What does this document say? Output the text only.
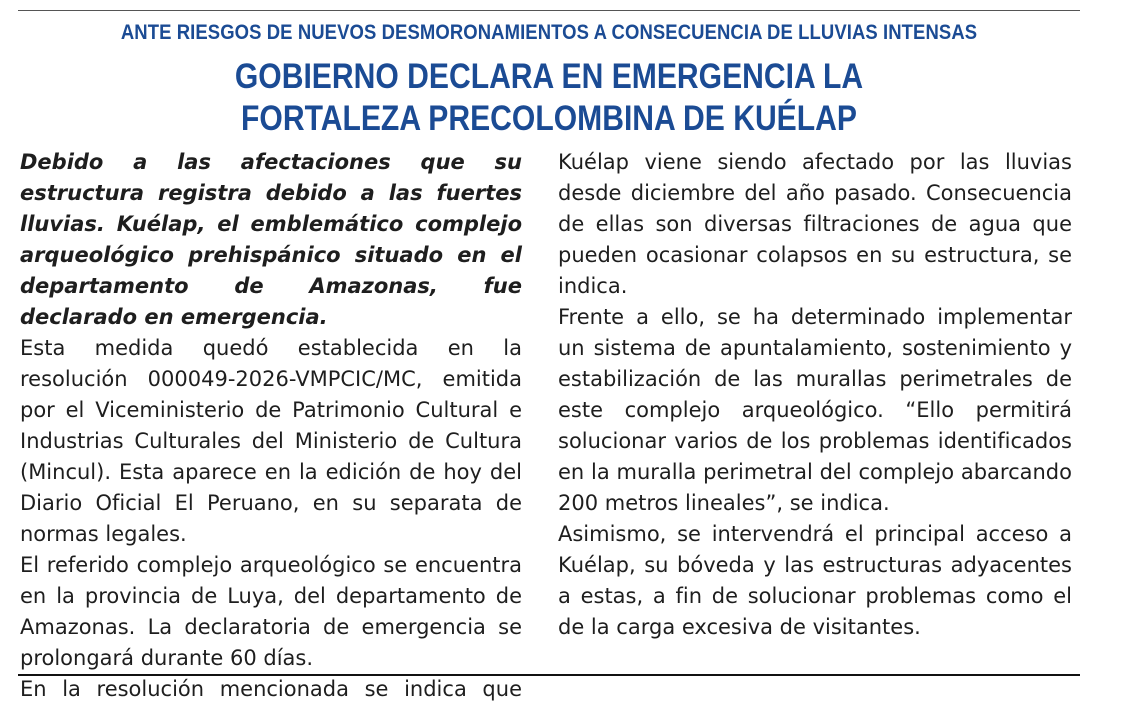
ANTE RIESGOS DE NUEVOS DESMORONAMIENTOS A CONSECUENCIA DE LLUVIAS INTENSAS
GOBIERNO DECLARA EN EMERGENCIA LA
FORTALEZA PRECOLOMBINA DE KUÉLAP

Debido a las afectaciones que su estructura registra debido a las fuertes lluvias. Kuélap, el emblemático complejo arqueológico prehispánico situado en el departamento de Amazonas, fue declarado en emergencia.

Esta medida quedó establecida en la resolución 000049-2026-VMPCIC/MC, emitida por el Viceministerio de Patrimonio Cultural e Industrias Culturales del Ministerio de Cultura (Mincul). Esta aparece en la edición de hoy del Diario Oficial El Peruano, en su separata de normas legales.

El referido complejo arqueológico se encuentra en la provincia de Luya, del departamento de Amazonas. La declaratoria de emergencia se prolongará durante 60 días.

En la resolución mencionada se indica que

Kuélap viene siendo afectado por las lluvias desde diciembre del año pasado. Consecuencia de ellas son diversas filtraciones de agua que pueden ocasionar colapsos en su estructura, se indica.

Frente a ello, se ha determinado implementar un sistema de apuntalamiento, sostenimiento y estabilización de las murallas perimetrales de este complejo arqueológico. “Ello permitirá solucionar varios de los problemas identificados en la muralla perimetral del complejo abarcando 200 metros lineales”, se indica.

Asimismo, se intervendrá el principal acceso a Kuélap, su bóveda y las estructuras adyacentes a estas, a fin de solucionar problemas como el de la carga excesiva de visitantes.
